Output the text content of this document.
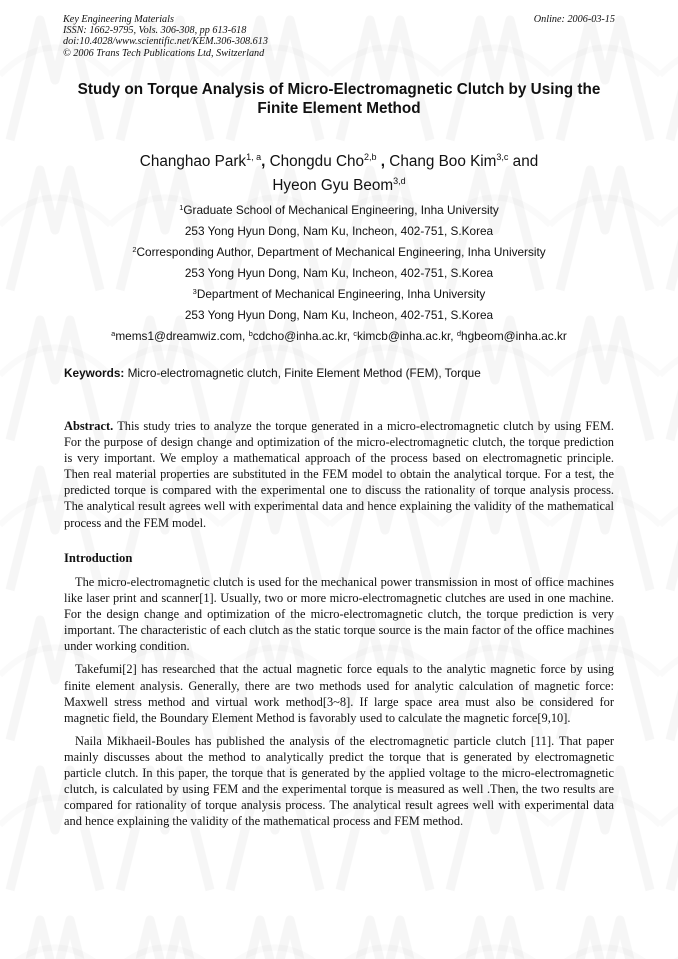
Key Engineering Materials
ISSN: 1662-9795, Vols. 306-308, pp 613-618
doi:10.4028/www.scientific.net/KEM.306-308.613
© 2006 Trans Tech Publications Ltd, Switzerland
Online: 2006-03-15
Study on Torque Analysis of Micro-Electromagnetic Clutch by Using the
Finite Element Method
Changhao Park$^{1, a}$, Chongdu Cho$^{2,b}$ , Chang Boo Kim$^{3,c}$ and
Hyeon Gyu Beom$^{3,d}$
$^1$Graduate School of Mechanical Engineering, Inha University
253 Yong Hyun Dong, Nam Ku, Incheon, 402-751, S.Korea
$^2$Corresponding Author, Department of Mechanical Engineering, Inha University
253 Yong Hyun Dong, Nam Ku, Incheon, 402-751, S.Korea
$^3$Department of Mechanical Engineering, Inha University
253 Yong Hyun Dong, Nam Ku, Incheon, 402-751, S.Korea
$^a$mems1@dreamwiz.com, $^b$cdcho@inha.ac.kr, $^c$kimcb@inha.ac.kr, $^d$hgbeom@inha.ac.kr
Keywords: Micro-electromagnetic clutch, Finite Element Method (FEM), Torque

Abstract. This study tries to analyze the torque generated in a micro-electromagnetic clutch by using FEM. For the purpose of design change and optimization of the micro-electromagnetic clutch, the torque prediction is very important. We employ a mathematical approach of the process based on electromagnetic principle. Then real material properties are substituted in the FEM model to obtain the analytical torque. For a test, the predicted torque is compared with the experimental one to discuss the rationality of torque analysis process. The analytical result agrees well with experimental data and hence explaining the validity of the mathematical process and the FEM model.

Introduction

The micro-electromagnetic clutch is used for the mechanical power transmission in most of office machines like laser print and scanner[1]. Usually, two or more micro-electromagnetic clutches are used in one machine. For the design change and optimization of the micro-electromagnetic clutch, the torque prediction is very important. The characteristic of each clutch as the static torque source is the main factor of the office machines under working condition.

Takefumi[2] has researched that the actual magnetic force equals to the analytic magnetic force by using finite element analysis. Generally, there are two methods used for analytic calculation of magnetic force: Maxwell stress method and virtual work method[3~8]. If large space area must also be considered for magnetic field, the Boundary Element Method is favorably used to calculate the magnetic force[9,10].

Naila Mikhaeil-Boules has published the analysis of the electromagnetic particle clutch [11]. That paper mainly discusses about the method to analytically predict the torque that is generated by electromagnetic particle clutch. In this paper, the torque that is generated by the applied voltage to the micro-electromagnetic clutch, is calculated by using FEM and the experimental torque is measured as well .Then, the two results are compared for rationality of torque analysis process. The analytical result agrees well with experimental data and hence explaining the validity of the mathematical process and FEM method.
